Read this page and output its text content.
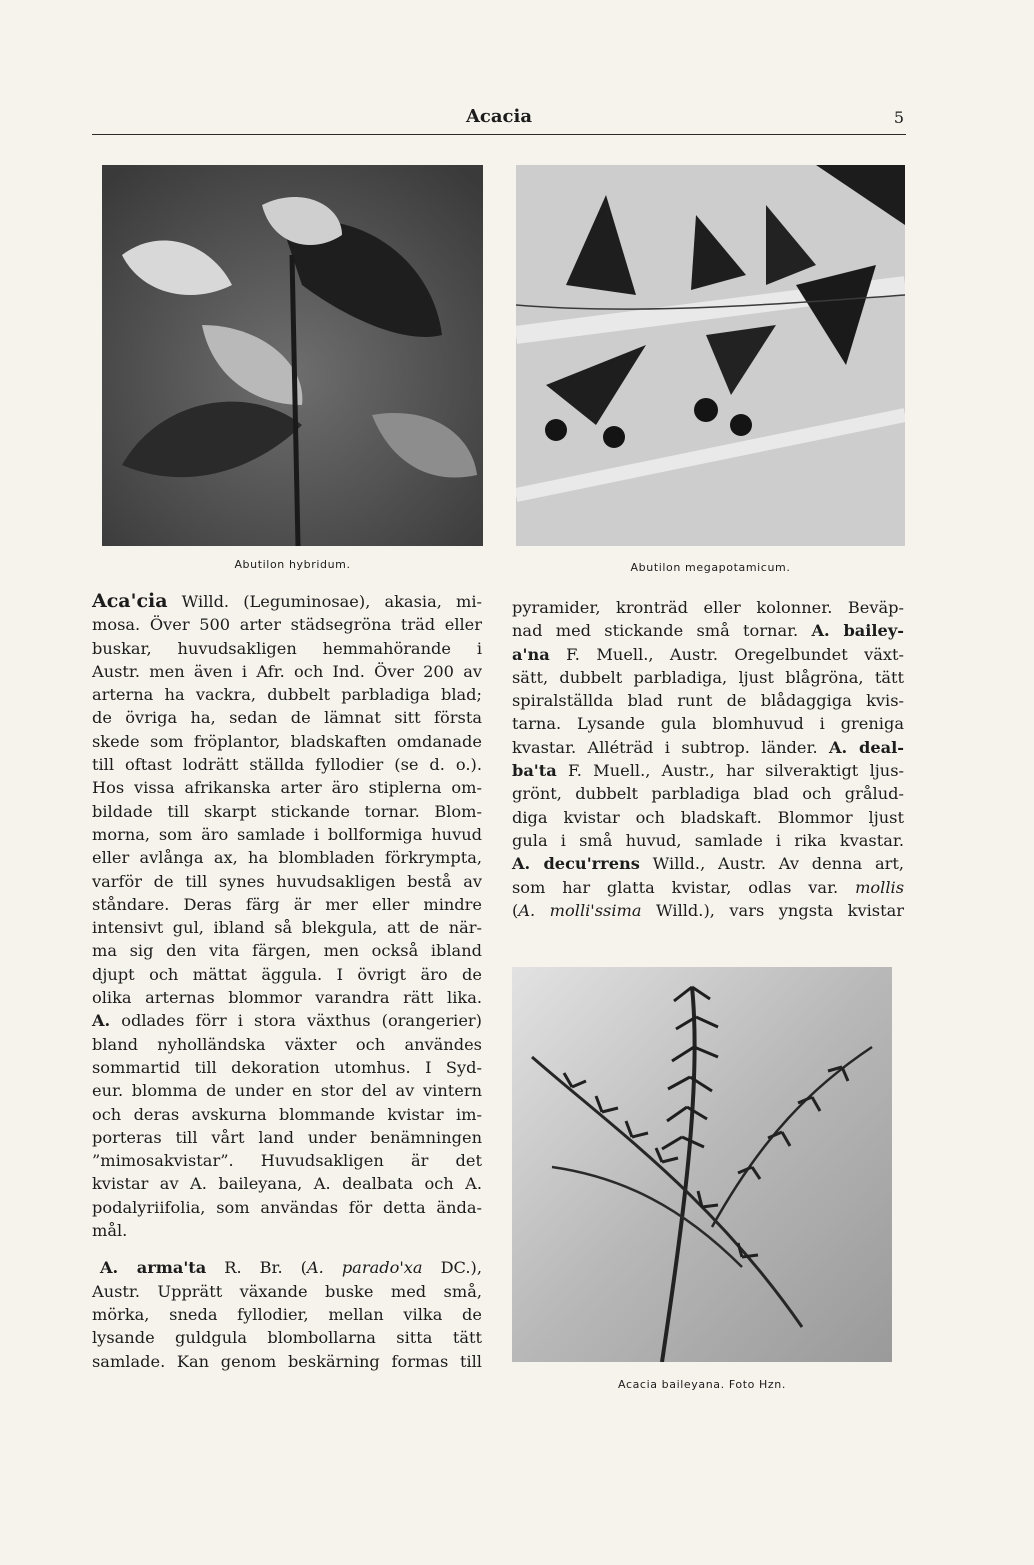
Acacia	5
Abutilon hybridum.	Abutilon megapotamicum.
Aca'cia Willd. (Leguminosae), akasia, mi-
mosa. Över 500 arter städsegröna träd eller
buskar, huvudsakligen hemmahörande i
Austr. men även i Afr. och Ind. Över 200 av
arterna ha vackra, dubbelt parbladiga blad;
de övriga ha, sedan de lämnat sitt första
skede som fröplantor, bladskaften omdanade
till oftast lodrätt ställda fyllodier (se d. o.).
Hos vissa afrikanska arter äro stiplerna om-
bildade till skarpt stickande tornar. Blom-
morna, som äro samlade i bollformiga huvud
eller avlånga ax, ha blombladen förkrympta,
varför de till synes huvudsakligen bestå av
ståndare. Deras färg är mer eller mindre
intensivt gul, ibland så blekgula, att de när-
ma sig den vita färgen, men också ibland
djupt och mättat äggula. I övrigt äro de
olika arternas blommor varandra rätt lika.
A. odlades förr i stora växthus (orangerier)
bland nyholländska växter och användes
sommartid till dekoration utomhus. I Syd-
eur. blomma de under en stor del av vintern
och deras avskurna blommande kvistar im-
porteras till vårt land under benämningen
”mimosakvistar”. Huvudsakligen är det
kvistar av A. baileyana, A. dealbata och A.
podalyriifolia, som användas för detta ända-
mål.
A. arma'ta R. Br. (A. parado'xa DC.),
Austr. Upprätt växande buske med små,
mörka, sneda fyllodier, mellan vilka de
lysande guldgula blombollarna sitta tätt
samlade. Kan genom beskärning formas till
pyramider, kronträd eller kolonner. Beväp-
nad med stickande små tornar. A. bailey-
a'na F. Muell., Austr. Oregelbundet växt-
sätt, dubbelt parbladiga, ljust blågröna, tätt
spiralställda blad runt de blådaggiga kvis-
tarna. Lysande gula blomhuvud i greniga
kvastar. Alléträd i subtrop. länder. A. deal-
ba'ta F. Muell., Austr., har silveraktigt ljus-
grönt, dubbelt parbladiga blad och grålud-
diga kvistar och bladskaft. Blommor ljust
gula i små huvud, samlade i rika kvastar.
A. decu'rrens Willd., Austr. Av denna art,
som har glatta kvistar, odlas var. mollis
(A. molli'ssima Willd.), vars yngsta kvistar
Acacia baileyana. Foto Hzn.
